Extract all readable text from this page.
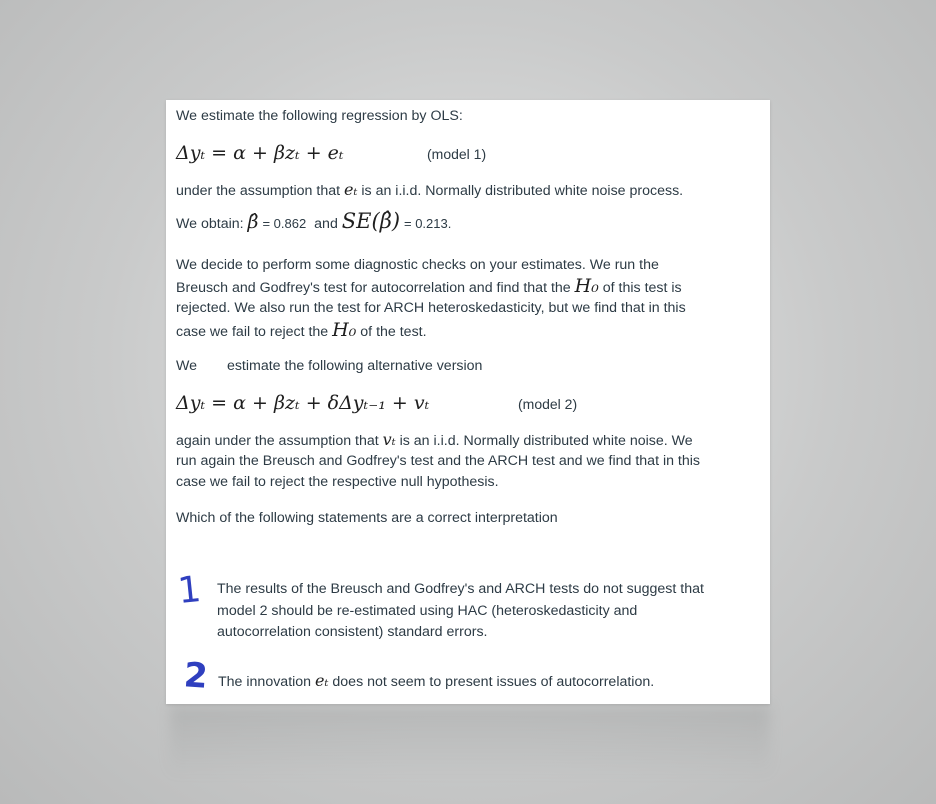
We estimate the following regression by OLS:

Δyₜ = α + βzₜ + eₜ	(model 1)

under the assumption that eₜ is an i.i.d. Normally distributed white noise process.

We obtain: β̂ = 0.862 and SE(β̂) = 0.213.

We decide to perform some diagnostic checks on your estimates. We run the

Breusch and Godfrey's test for autocorrelation and find that the H₀ of this test is

rejected. We also run the test for ARCH heteroskedasticity, but we find that in this

case we fail to reject the H₀ of the test.

We estimate the following alternative version

Δyₜ = α + βzₜ + δΔyₜ₋₁ + vₜ	(model 2)

again under the assumption that vₜ is an i.i.d. Normally distributed white noise. We

run again the Breusch and Godfrey's test and the ARCH test and we find that in this

case we fail to reject the respective null hypothesis.

Which of the following statements are a correct interpretation

1 The results of the Breusch and Godfrey's and ARCH tests do not suggest that
model 2 should be re-estimated using HAC (heteroskedasticity and
autocorrelation consistent) standard errors.
2 The innovation eₜ does not seem to present issues of autocorrelation.
